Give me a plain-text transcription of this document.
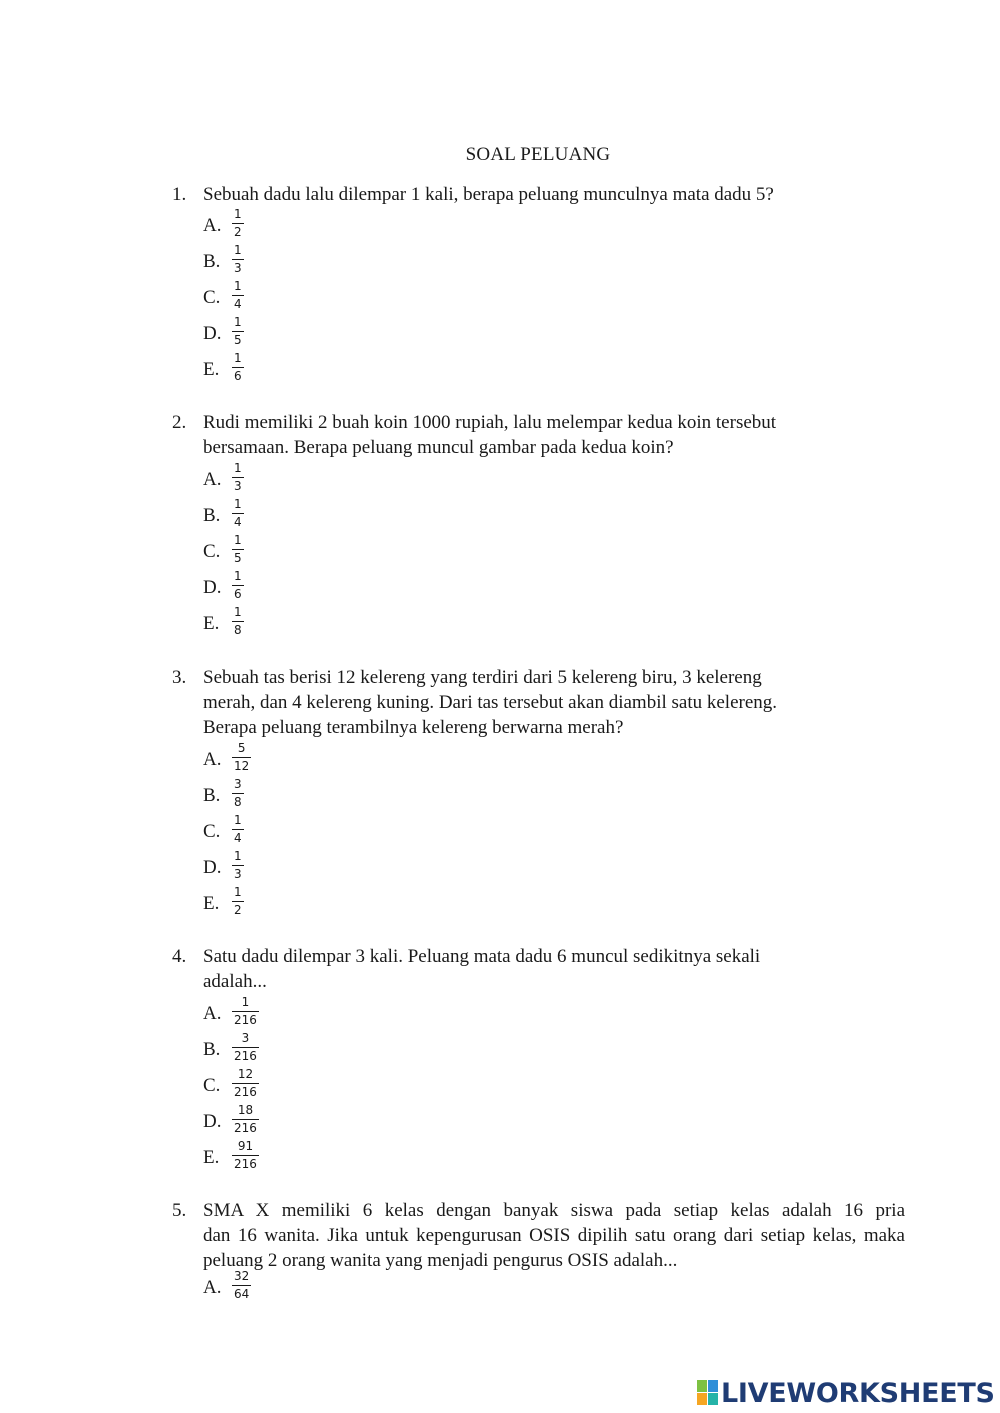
SOAL PELUANG
1. Sebuah dadu lalu dilempar 1 kali, berapa peluang munculnya mata dadu 5?
A.
1
2
B.
1
3
C.
1
4
D.
1
5
E.
1
6
2. Rudi memiliki 2 buah koin 1000 rupiah, lalu melempar kedua koin tersebut
bersamaan. Berapa peluang muncul gambar pada kedua koin?
A.
1
3
B.
1
4
C.
1
5
D.
1
6
E.
1
8
3. Sebuah tas berisi 12 kelereng yang terdiri dari 5 kelereng biru, 3 kelereng
merah, dan 4 kelereng kuning. Dari tas tersebut akan diambil satu kelereng.
Berapa peluang terambilnya kelereng berwarna merah?
A.
5
12
B.
3
8
C.
1
4
D.
1
3
E.
1
2
4. Satu dadu dilempar 3 kali. Peluang mata dadu 6 muncul sedikitnya sekali
adalah...
A.
1
216
B.
3
216
C.
12
216
D.
18
216
E.
91
216
5. SMA X memiliki 6 kelas dengan banyak siswa pada setiap kelas adalah 16 pria
dan 16 wanita. Jika untuk kepengurusan OSIS dipilih satu orang dari setiap kelas, maka
peluang 2 orang wanita yang menjadi pengurus OSIS adalah...
A.
32
64
LIVEWORKSHEETS
